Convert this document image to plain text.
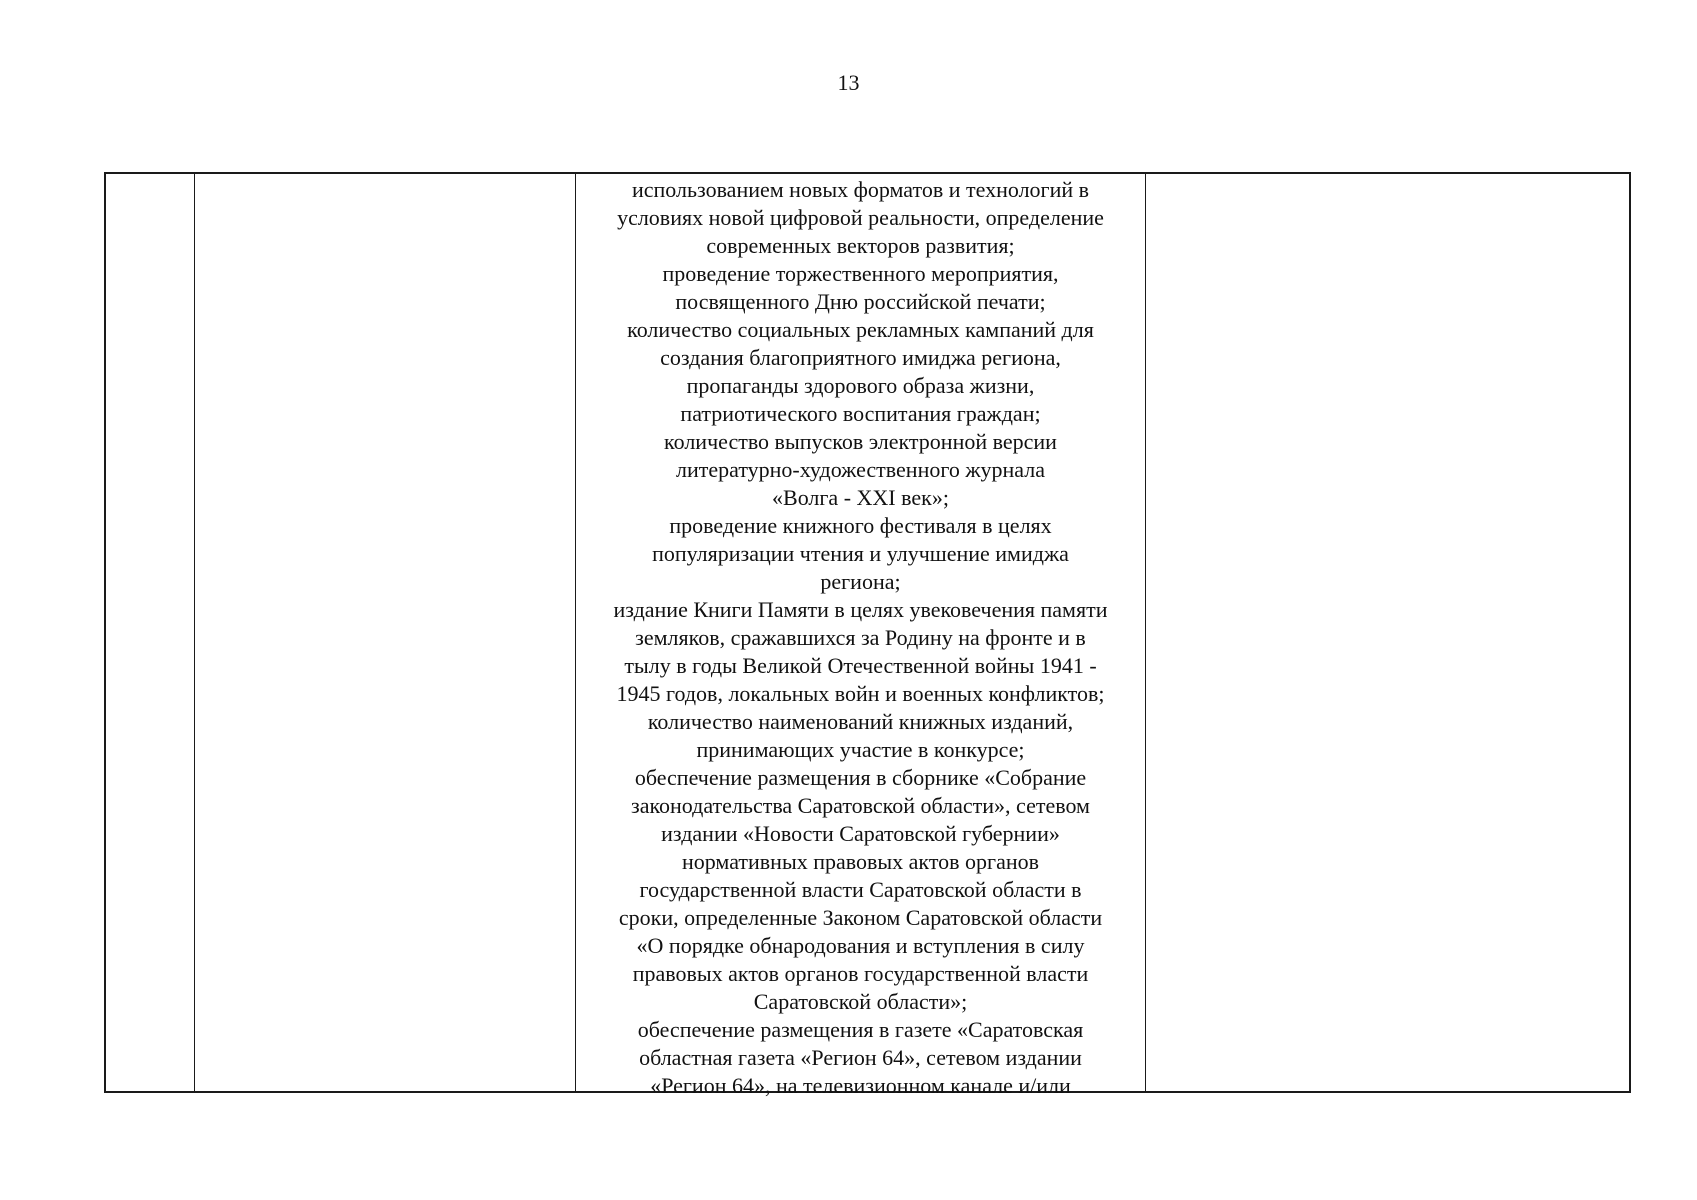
13
использованием новых форматов и технологий в
условиях новой цифровой реальности, определение
современных векторов развития;
проведение торжественного мероприятия,
посвященного Дню российской печати;
количество социальных рекламных кампаний для
создания благоприятного имиджа региона,
пропаганды здорового образа жизни,
патриотического воспитания граждан;
количество выпусков электронной версии
литературно-художественного журнала
«Волга - XXI век»;
проведение книжного фестиваля в целях
популяризации чтения и улучшение имиджа
региона;
издание Книги Памяти в целях увековечения памяти
земляков, сражавшихся за Родину на фронте и в
тылу в годы Великой Отечественной войны 1941 -
1945 годов, локальных войн и военных конфликтов;
количество наименований книжных изданий,
принимающих участие в конкурсе;
обеспечение размещения в сборнике «Собрание
законодательства Саратовской области», сетевом
издании «Новости Саратовской губернии»
нормативных правовых актов органов
государственной власти Саратовской области в
сроки, определенные Законом Саратовской области
«О порядке обнародования и вступления в силу
правовых актов органов государственной власти
Саратовской области»;
обеспечение размещения в газете «Саратовская
областная газета «Регион 64», сетевом издании
«Регион 64», на телевизионном канале и/или
